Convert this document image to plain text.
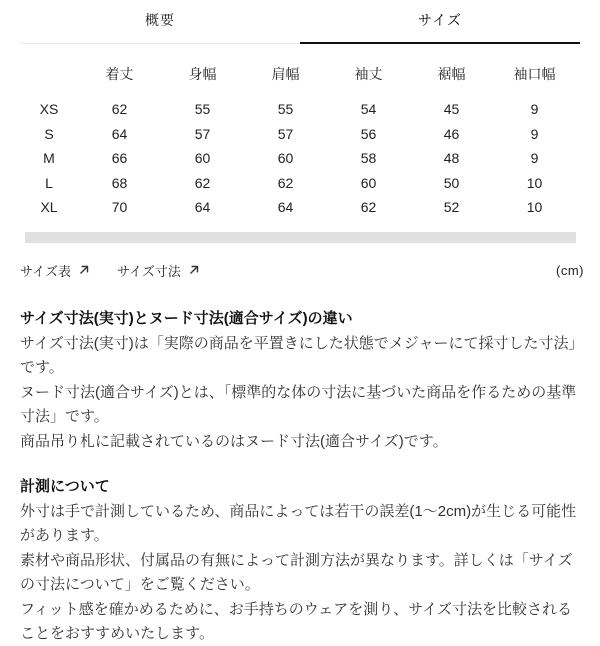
概要	サイズ
	着丈	身幅	肩幅	袖丈	裾幅	袖口幅
XS	62	55	55	54	45	9
S	64	57	57	56	46	9
M	66	60	60	58	48	9
L	68	62	62	60	50	10
XL	70	64	64	62	52	10
サイズ表	サイズ寸法	(cm)
サイズ寸法(実寸)とヌード寸法(適合サイズ)の違い

サイズ寸法(実寸)は「実際の商品を平置きにした状態でメジャーにて採寸した寸法」です。

ヌード寸法(適合サイズ)とは、「標準的な体の寸法に基づいた商品を作るための基準寸法」です。

商品吊り札に記載されているのはヌード寸法(適合サイズ)です。

計測について

外寸は手で計測しているため、商品によっては若干の誤差(1〜2cm)が生じる可能性があります。

素材や商品形状、付属品の有無によって計測方法が異なります。詳しくは「サイズの寸法について」をご覧ください。

フィット感を確かめるために、お手持ちのウェアを測り、サイズ寸法を比較されることをおすすめいたします。
